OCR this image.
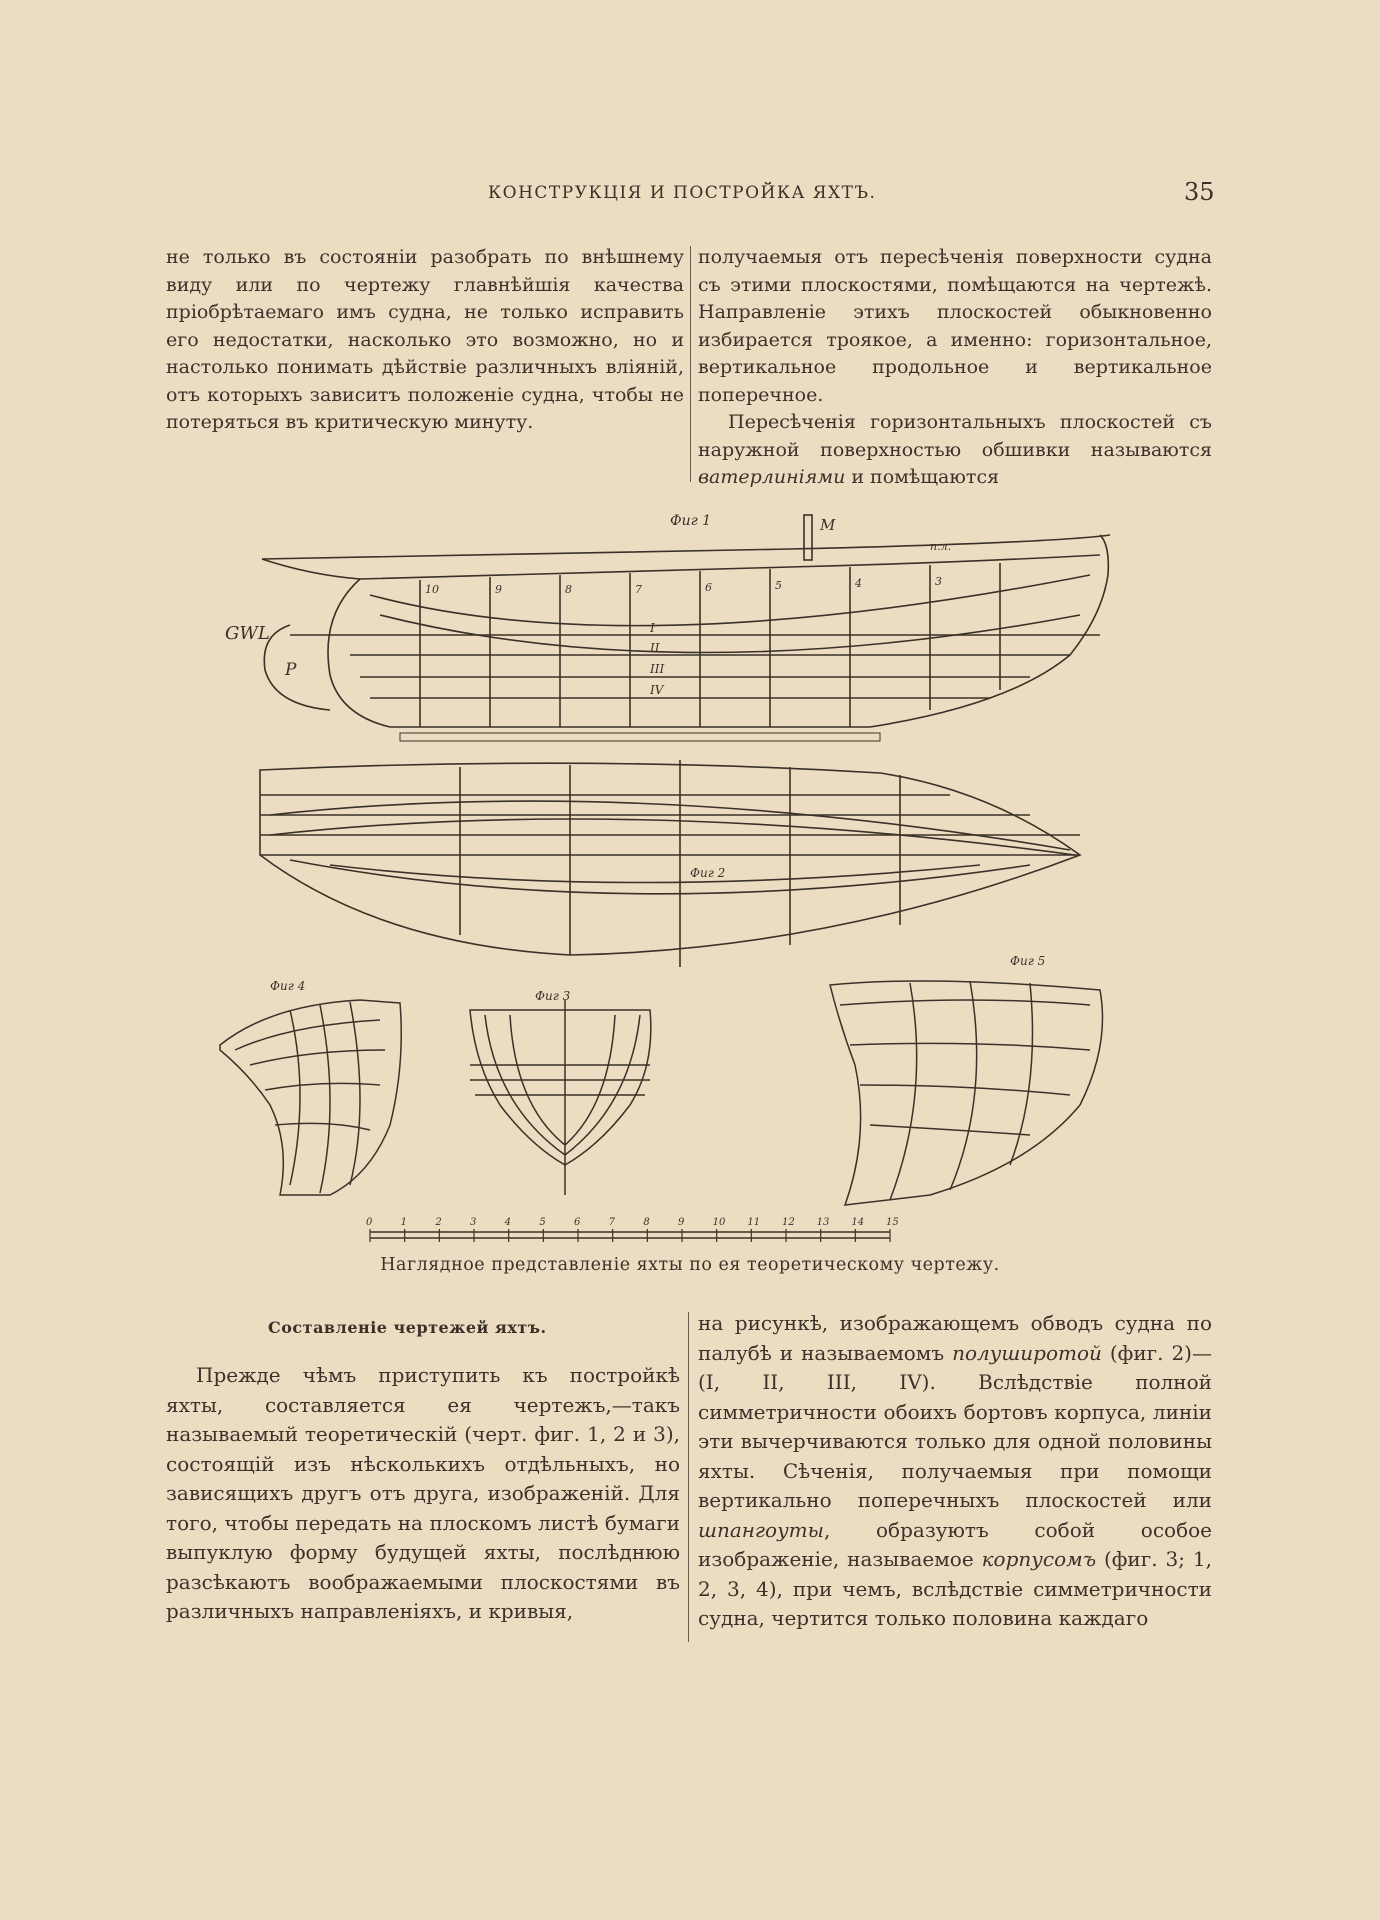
КОНСТРУКЦІЯ И ПОСТРОЙКА ЯХТЪ.	35

не только въ состояніи разобрать по внѣшнему виду или по чертежу главнѣйшія качества пріобрѣтаемаго имъ судна, не только исправить его недостатки, насколько это возможно, но и настолько понимать дѣйствіе различныхъ вліяній, отъ которыхъ зависитъ положеніе судна, чтобы не потеряться въ критическую минуту.

получаемыя отъ пересѣченія поверхности судна съ этими плоскостями, помѣщаются на чертежѣ. Направленіе этихъ плоскостей обыкновенно избирается троякое, а именно: горизонтальное, вертикальное продольное и вертикальное поперечное.

Пересѣченія горизонтальныхъ плоскостей съ наружной поверхностью обшивки называются ватерлиніями и помѣщаются

Фиг 1	M
GWL
P
п.л.
I
II
III
IV
10	9	8	7	6	5	4	3
Фиг 2
Фиг 4
Фиг 3
Фиг 5
0	1	2	3	4	5	6	7	8	9	10 11 12 13 14 15
Наглядное представленіе яхты по ея теоретическому чертежу.
Составленіе чертежей яхтъ.

Прежде чѣмъ приступить къ постройкѣ яхты, составляется ея чертежъ,—такъ называемый теоретическій (черт. фиг. 1, 2 и 3), состоящій изъ нѣсколькихъ отдѣльныхъ, но зависящихъ другъ отъ друга, изображеній. Для того, чтобы передать на плоскомъ листѣ бумаги выпуклую форму будущей яхты, послѣднюю разсѣкаютъ воображаемыми плоскостями въ различныхъ направленіяхъ, и кривыя,

на рисункѣ, изображающемъ обводъ судна по палубѣ и называемомъ полуширотой (фиг. 2)—(I, II, III, IV). Вслѣдствіе полной симметричности обоихъ бортовъ корпуса, линіи эти вычерчиваются только для одной половины яхты. Сѣченія, получаемыя при помощи вертикально поперечныхъ плоскостей или шпангоуты, образуютъ собой особое изображеніе, называемое корпусомъ (фиг. 3; 1, 2, 3, 4), при чемъ, вслѣдствіе симметричности судна, чертится только половина каждаго
